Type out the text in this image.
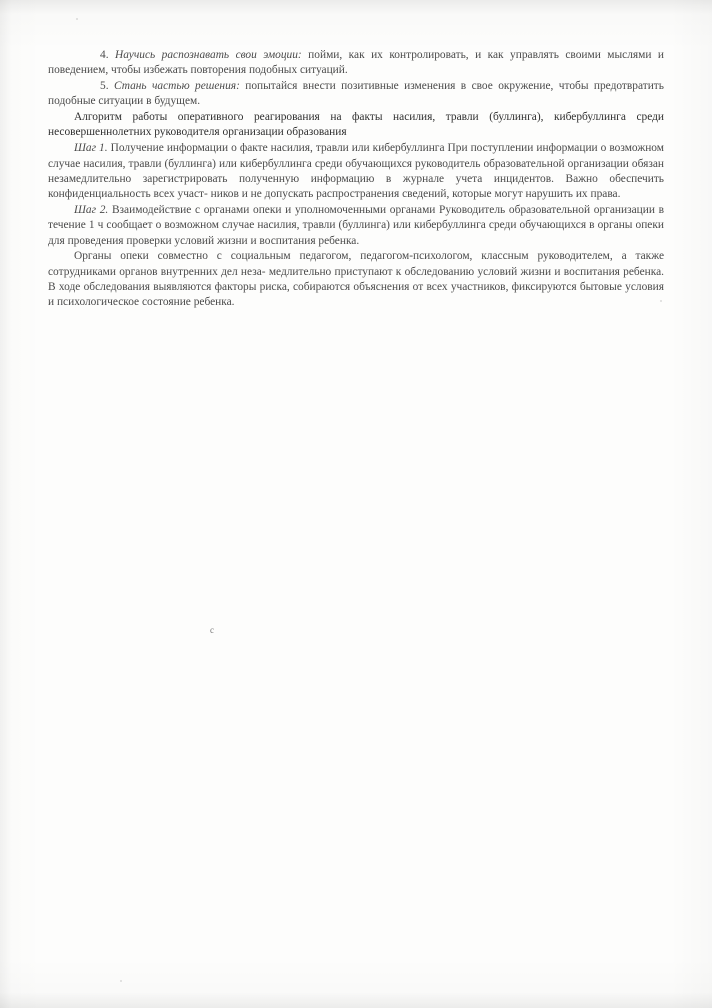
4. Научись распознавать свои эмоции: пойми, как их контролировать, и как управлять своими мыслями и поведением, чтобы избежать повторения подобных ситуаций.

5. Стань частью решения: попытайся внести позитивные изменения в свое окружение, чтобы предотвратить подобные ситуации в будущем.

Алгоритм работы оперативного реагирования на факты насилия, травли (буллинга), кибербуллинга среди несовершеннолетних руководителя организации образования

Шаг 1. Получение информации о факте насилия, травли или кибербуллинга При поступлении информации о возможном случае насилия, травли (буллинга) или кибербуллинга среди обучающихся руководитель образовательной организации обязан незамедлительно зарегистрировать полученную информацию в журнале учета инцидентов. Важно обеспечить конфиденциальность всех участ- ников и не допускать распространения сведений, которые могут нарушить их права.

Шаг 2. Взаимодействие с органами опеки и уполномоченными органами Руководитель образовательной организации в течение 1 ч сообщает о возможном случае насилия, травли (буллинга) или кибербуллинга среди обучающихся в органы опеки для проведения проверки условий жизни и воспитания ребенка.

Органы опеки совместно с социальным педагогом, педагогом-психологом, классным руководителем, а также сотрудниками органов внутренних дел неза- медлительно приступают к обследованию условий жизни и воспитания ребенка. В ходе обследования выявляются факторы риска, собираются объяснения от всех участников, фиксируются бытовые условия и психологическое состояние ребенка.

с
